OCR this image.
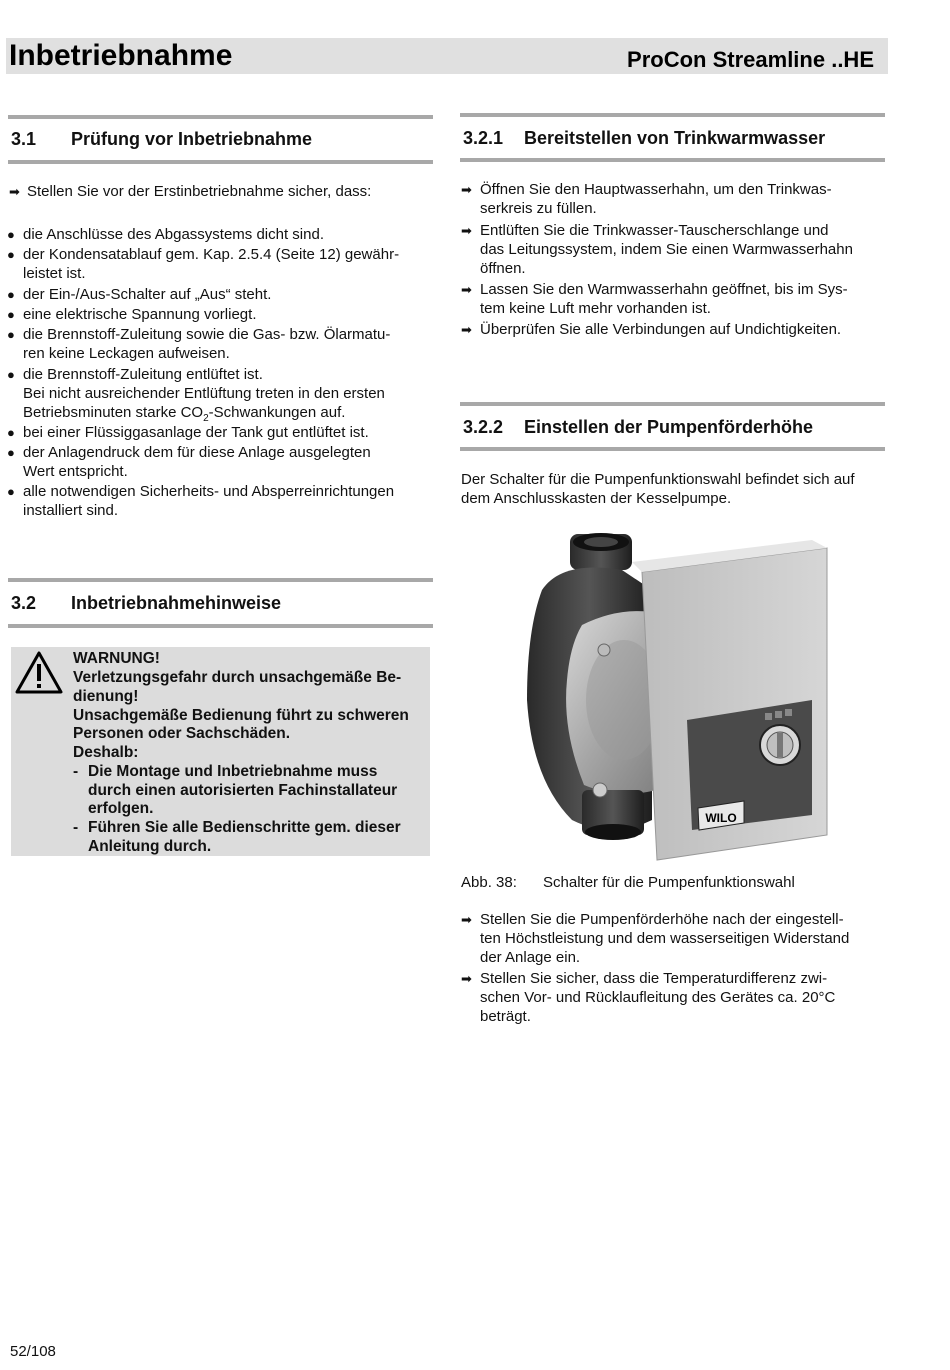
Inbetriebnahme	ProCon Streamline ..HE
3.1 Prüfung vor Inbetriebnahme
➡ Stellen Sie vor der Erstinbetriebnahme sicher, dass:
● die Anschlüsse des Abgassystems dicht sind.
● der Kondensatablauf gem. Kap. 2.5.4 (Seite 12) gewähr-
leistet ist.
● der Ein-/Aus-Schalter auf „Aus“ steht.
● eine elektrische Spannung vorliegt.
● die Brennstoff-Zuleitung sowie die Gas- bzw. Ölarmatu-
ren keine Leckagen aufweisen.
● die Brennstoff-Zuleitung entlüftet ist.
Bei nicht ausreichender Entlüftung treten in den ersten
Betriebsminuten starke $CO_2$-Schwankungen auf.
● bei einer Flüssiggasanlage der Tank gut entlüftet ist.
● der Anlagendruck dem für diese Anlage ausgelegten
Wert entspricht.
● alle notwendigen Sicherheits- und Absperreinrichtungen
installiert sind.
3.2 Inbetriebnahmehinweise
WARNUNG!
Verletzungsgefahr durch unsachgemäße Be-
dienung!
Unsachgemäße Bedienung führt zu schweren
Personen oder Sachschäden.
Deshalb:
- Die Montage und Inbetriebnahme muss
durch einen autorisierten Fachinstallateur
erfolgen.
- Führen Sie alle Bedienschritte gem. dieser
Anleitung durch.
3.2.1 Bereitstellen von Trinkwarmwasser
➡ Öffnen Sie den Hauptwasserhahn, um den Trinkwas-
serkreis zu füllen.
➡ Entlüften Sie die Trinkwasser-Tauscherschlange und
das Leitungssystem, indem Sie einen Warmwasserhahn
öffnen.
➡ Lassen Sie den Warmwasserhahn geöffnet, bis im Sys-
tem keine Luft mehr vorhanden ist.
➡ Überprüfen Sie alle Verbindungen auf Undichtigkeiten.
3.2.2 Einstellen der Pumpenförderhöhe
Der Schalter für die Pumpenfunktionswahl befindet sich auf
dem Anschlusskasten der Kesselpumpe.
WILO
Abb. 38: Schalter für die Pumpenfunktionswahl
➡ Stellen Sie die Pumpenförderhöhe nach der eingestell-
ten Höchstleistung und dem wasserseitigen Widerstand
der Anlage ein.
➡ Stellen Sie sicher, dass die Temperaturdifferenz zwi-
schen Vor- und Rücklaufleitung des Gerätes ca. 20°C
beträgt.
52/108
